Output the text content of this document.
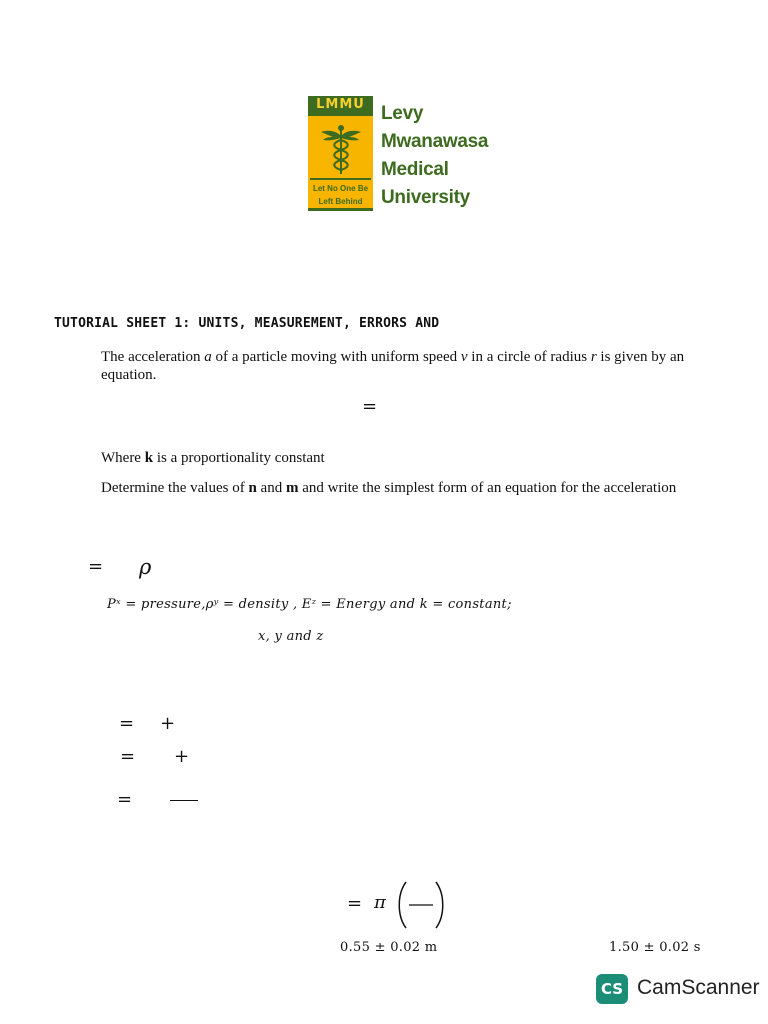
LMMU
Let No One Be
Left Behind
Levy
Mwanawasa
Medical
University
TUTORIAL SHEET 1: UNITS, MEASUREMENT, ERRORS AND
The acceleration a of a particle moving with uniform speed v in a circle of radius r is given by an equation.
=
Where k is a proportionality constant
Determine the values of n and m and write the simplest form of an equation for the acceleration
= ρ
Pˣ = pressure,ρʸ = density , Eᶻ = Energy and k = constant;
x, y and z
= +
= +
=
= π
0.55 ± 0.02 m	1.50 ± 0.02 s
CS CamScanner
